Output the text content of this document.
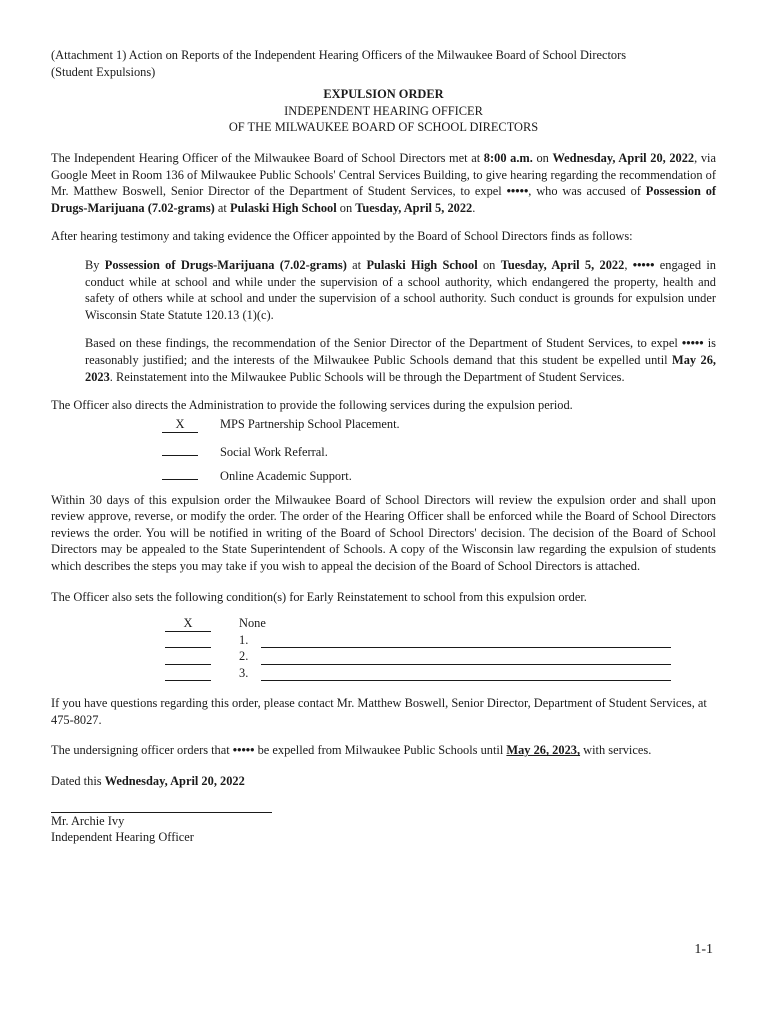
(Attachment 1) Action on Reports of the Independent Hearing Officers of the Milwaukee Board of School Directors

(Student Expulsions)

EXPULSION ORDER
INDEPENDENT HEARING OFFICER
OF THE MILWAUKEE BOARD OF SCHOOL DIRECTORS

The Independent Hearing Officer of the Milwaukee Board of School Directors met at 8:00 a.m. on Wednesday, April 20, 2022, via Google Meet in Room 136 of Milwaukee Public Schools' Central Services Building, to give hearing regarding the recommendation of Mr. Matthew Boswell, Senior Director of the Department of Student Services, to expel •••••, who was accused of Possession of Drugs-Marijuana (7.02-grams) at Pulaski High School on Tuesday, April 5, 2022.

After hearing testimony and taking evidence the Officer appointed by the Board of School Directors finds as follows:

By Possession of Drugs-Marijuana (7.02-grams) at Pulaski High School on Tuesday, April 5, 2022, ••••• engaged in conduct while at school and while under the supervision of a school authority, which endangered the property, health and safety of others while at school and under the supervision of a school authority. Such conduct is grounds for expulsion under Wisconsin State Statute 120.13 (1)(c).

Based on these findings, the recommendation of the Senior Director of the Department of Student Services, to expel ••••• is reasonably justified; and the interests of the Milwaukee Public Schools demand that this student be expelled until May 26, 2023. Reinstatement into the Milwaukee Public Schools will be through the Department of Student Services.

The Officer also directs the Administration to provide the following services during the expulsion period.

X	MPS Partnership School Placement.
Social Work Referral.
Online Academic Support.

Within 30 days of this expulsion order the Milwaukee Board of School Directors will review the expulsion order and shall upon review approve, reverse, or modify the order. The order of the Hearing Officer shall be enforced while the Board of School Directors reviews the order. You will be notified in writing of the Board of School Directors' decision. The decision of the Board of School Directors may be appealed to the State Superintendent of Schools. A copy of the Wisconsin law regarding the expulsion of students which describes the steps you may take if you wish to appeal the decision of the Board of School Directors is attached.

The Officer also sets the following condition(s) for Early Reinstatement to school from this expulsion order.

X	None
1.
2.
3.

If you have questions regarding this order, please contact Mr. Matthew Boswell, Senior Director, Department of Student Services, at 475-8027.

The undersigning officer orders that ••••• be expelled from Milwaukee Public Schools until May 26, 2023, with services.

Dated this Wednesday, April 20, 2022

Mr. Archie Ivy

Independent Hearing Officer

1-1
